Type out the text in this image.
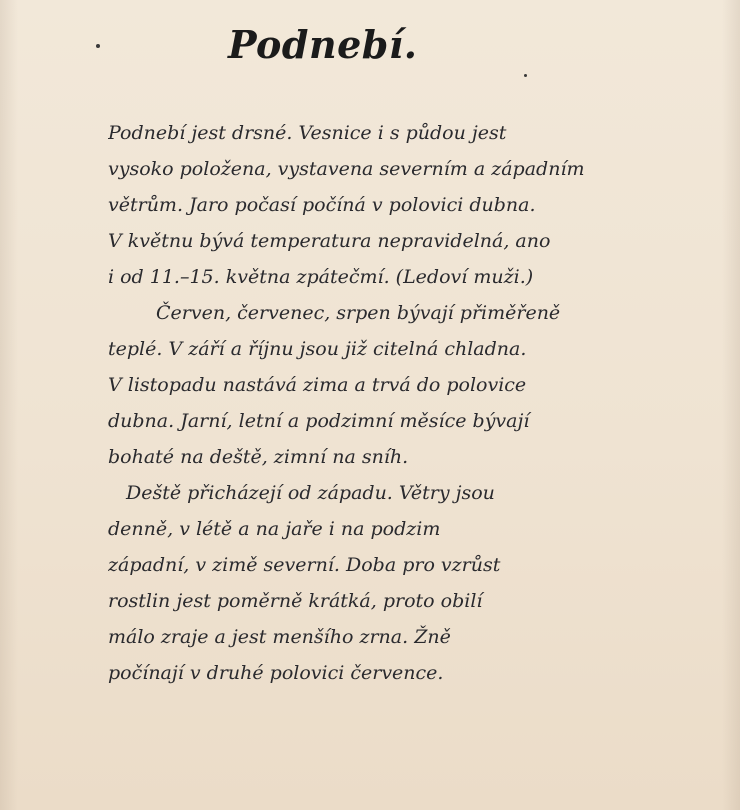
Podnebí.
Podnebí jest drsné. Vesnice i s půdou jest
vysoko položena, vystavena severním a západním
větrům. Jaro počasí počíná v polovici dubna.
V květnu bývá temperatura nepravidelná, ano
i od 11.–15. května zpátečmí. (Ledoví muži.)
Červen, červenec, srpen bývají přiměřeně
teplé. V září a říjnu jsou již citelná chladna.
V listopadu nastává zima a trvá do polovice
dubna. Jarní, letní a podzimní měsíce bývají
bohaté na deště, zimní na sníh.
Deště přicházejí od západu. Větry jsou
denně, v létě a na jaře i na podzim
západní, v zimě severní. Doba pro vzrůst
rostlin jest poměrně krátká, proto obilí
málo zraje a jest menšího zrna. Žně
počínají v druhé polovici července.
